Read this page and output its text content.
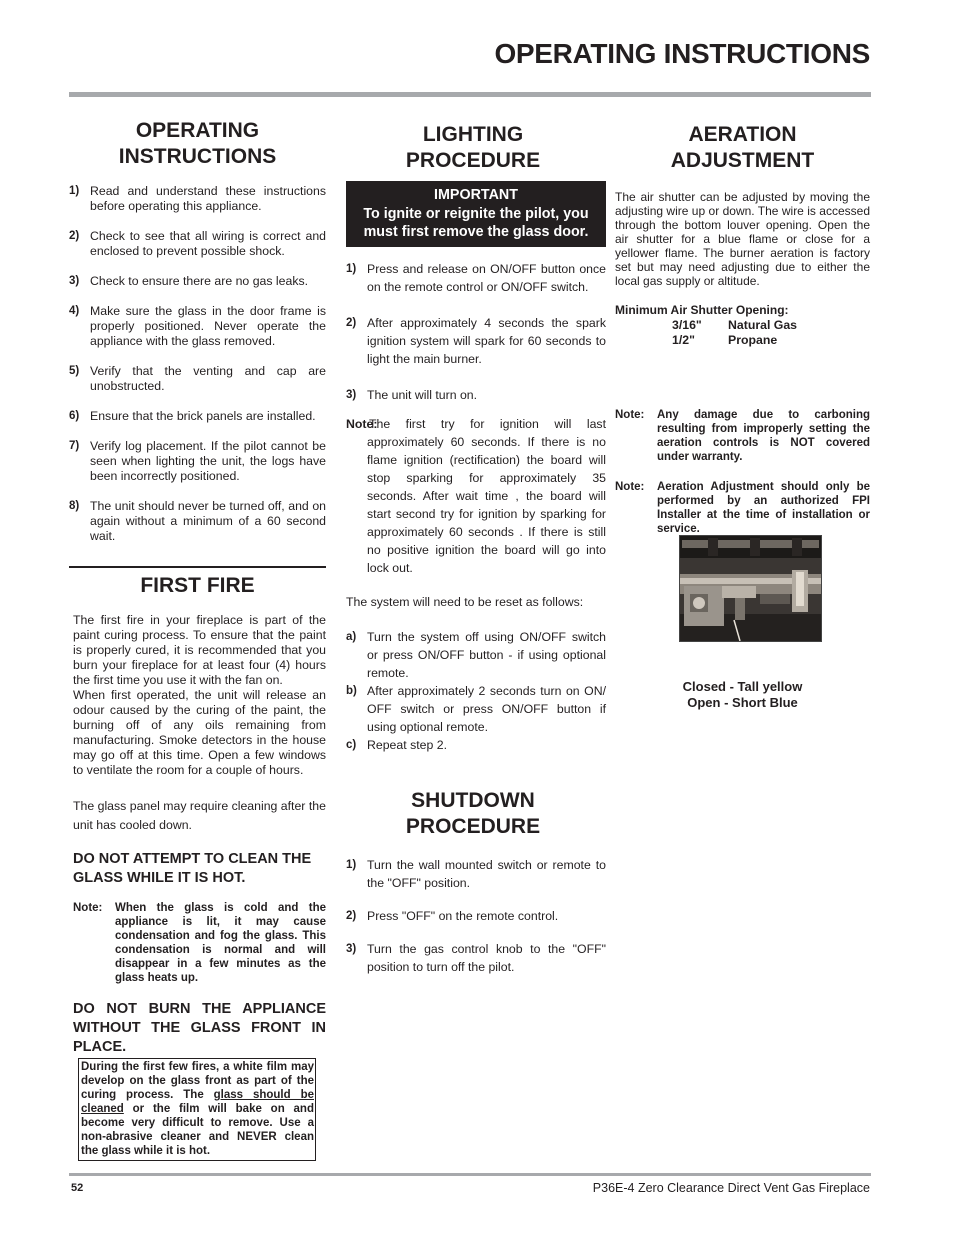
OPERATING INSTRUCTIONS
OPERATING
INSTRUCTIONS
1) Read and understand these instructions before operating this appliance.
2) Check to see that all wiring is correct and enclosed to prevent possible shock.
3) Check to ensure there are no gas leaks.
4) Make sure the glass in the door frame is properly positioned. Never operate the appliance with the glass removed.
5) Verify that the venting and cap are unobstructed.
6) Ensure that the brick panels are installed.
7) Verify log placement. If the pilot cannot be seen when lighting the unit, the logs have been incorrectly positioned.
8) The unit should never be turned off, and on again without a minimum of a 60 second wait.
FIRST FIRE

The first fire in your fireplace is part of the paint curing process. To ensure that the paint is properly cured, it is recommended that you burn your fireplace for at least four (4) hours the first time you use it with the fan on.

When first operated, the unit will release an odour caused by the curing of the paint, the burning off of any oils remaining from manufacturing. Smoke detectors in the house may go off at this time. Open a few windows to ventilate the room for a couple of hours.

The glass panel may require cleaning after the unit has cooled down.

DO NOT ATTEMPT TO CLEAN THE GLASS WHILE IT IS HOT.

Note:	When the glass is cold and the appliance is lit, it may cause condensation and fog the glass. This condensation is normal and will disappear in a few minutes as the glass heats up.

DO NOT BURN THE APPLIANCE WITHOUT THE GLASS FRONT IN PLACE.

During the first few fires, a white film may develop on the glass front as part of the curing process. The glass should be cleaned or the film will bake on and become very difficult to remove. Use a non-abrasive cleaner and NEVER clean the glass while it is hot.
LIGHTING
PROCEDURE
IMPORTANT
To ignite or reignite the pilot, you must first remove the glass door.
1) Press and release on ON/OFF button once on the remote control or ON/OFF switch.
2) After approximately 4 seconds the spark ignition system will spark for 60 seconds to light the main burner.
3) The unit will turn on.
Note:
The first try for ignition will last approximately 60 seconds. If there is no flame ignition (rectification) the board will stop sparking for approximately 35 seconds. After wait time , the board will start second try for ignition by sparking for approximately 60 seconds . If there is still no positive ignition the board will go into lock out.

The system will need to be reset as follows:

a) Turn the system off using ON/OFF switch or press ON/OFF button - if using optional remote.
b) After approximately 2 seconds turn on ON/ OFF switch or press ON/OFF button if using optional remote.
c) Repeat step 2.
SHUTDOWN
PROCEDURE
1) Turn the wall mounted switch or remote to the "OFF" position.
2) Press "OFF" on the remote control.
3) Turn the gas control knob to the "OFF" position to turn off the pilot.
AERATION
ADJUSTMENT

The air shutter can be adjusted by moving the adjusting wire up or down. The wire is accessed through the bottom louver opening. Open the air shutter for a blue flame or close for a yellower flame. The burner aeration is factory set but may need adjusting due to either the local gas supply or altitude.

Minimum Air Shutter Opening:

3/16"	Natural Gas
1/2"	Propane
Note:	Any damage due to carboning resulting from improperly setting the aeration controls is NOT covered under warranty.
Note:	Aeration Adjustment should only be performed by an authorized FPI Installer at the time of installation or service.
Closed - Tall yellow
Open - Short Blue
52	P36E-4 Zero Clearance Direct Vent Gas Fireplace
